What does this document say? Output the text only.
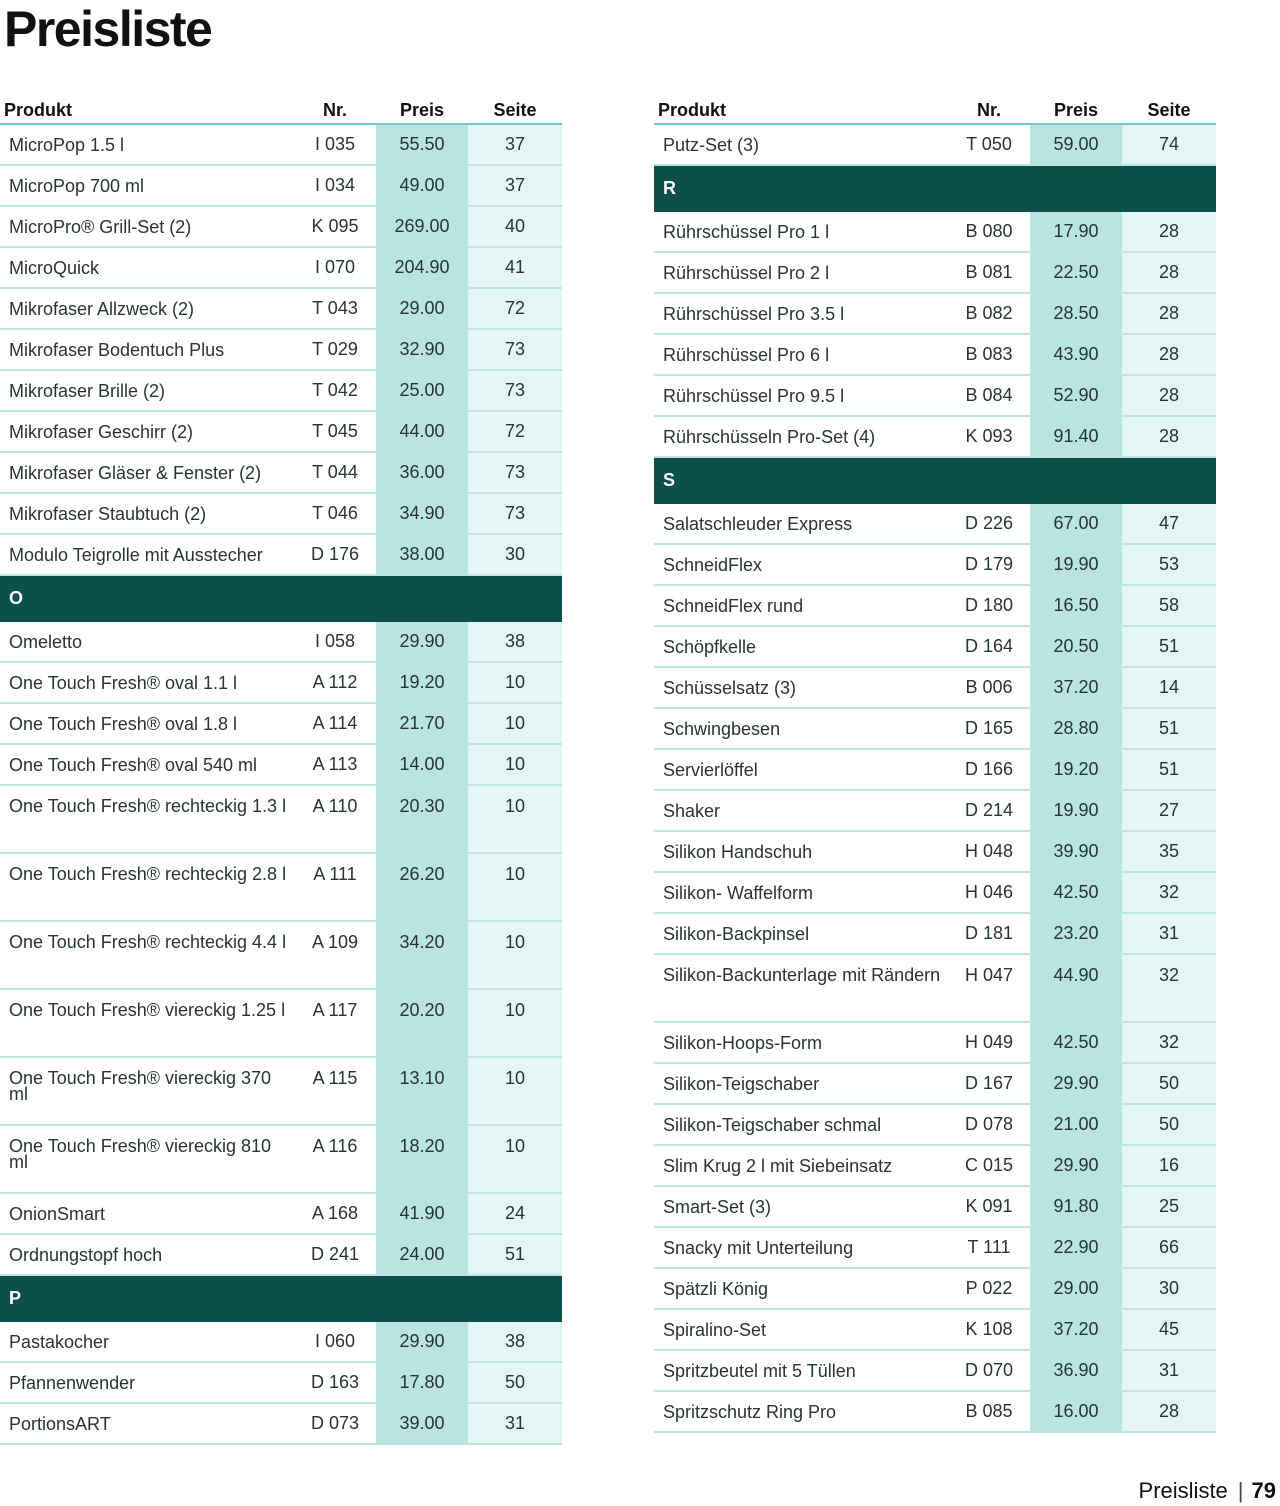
Preisliste
Produkt	Nr.	Preis	Seite
MicroPop 1.5 l	I 035	55.50	37
MicroPop 700 ml	I 034	49.00	37
MicroPro® Grill-Set (2)	K 095	269.00	40
MicroQuick	I 070	204.90	41
Mikrofaser Allzweck (2)	T 043	29.00	72
Mikrofaser Bodentuch Plus	T 029	32.90	73
Mikrofaser Brille (2)	T 042	25.00	73
Mikrofaser Geschirr (2)	T 045	44.00	72
Mikrofaser Gläser & Fenster (2)	T 044	36.00	73
Mikrofaser Staubtuch (2)	T 046	34.90	73
Modulo Teigrolle mit Ausstecher	D 176	38.00	30
O			
Omeletto	I 058	29.90	38
One Touch Fresh® oval 1.1 l	A 112	19.20	10
One Touch Fresh® oval 1.8 l	A 114	21.70	10
One Touch Fresh® oval 540 ml	A 113	14.00	10
One Touch Fresh® rechteckig 1.3 l	A 110	20.30	10
One Touch Fresh® rechteckig 2.8 l	A 111	26.20	10
One Touch Fresh® rechteckig 4.4 l	A 109	34.20	10
One Touch Fresh® viereckig 1.25 l	A 117	20.20	10
One Touch Fresh® viereckig 370 ml	A 115	13.10	10
One Touch Fresh® viereckig 810 ml	A 116	18.20	10
OnionSmart	A 168	41.90	24
Ordnungstopf hoch	D 241	24.00	51
P			
Pastakocher	I 060	29.90	38
Pfannenwender	D 163	17.80	50
PortionsART	D 073	39.00	31
Produkt	Nr.	Preis	Seite
Putz-Set (3)	T 050	59.00	74
R			
Rührschüssel Pro 1 l	B 080	17.90	28
Rührschüssel Pro 2 l	B 081	22.50	28
Rührschüssel Pro 3.5 l	B 082	28.50	28
Rührschüssel Pro 6 l	B 083	43.90	28
Rührschüssel Pro 9.5 l	B 084	52.90	28
Rührschüsseln Pro-Set (4)	K 093	91.40	28
S			
Salatschleuder Express	D 226	67.00	47
SchneidFlex	D 179	19.90	53
SchneidFlex rund	D 180	16.50	58
Schöpfkelle	D 164	20.50	51
Schüsselsatz (3)	B 006	37.20	14
Schwingbesen	D 165	28.80	51
Servierlöffel	D 166	19.20	51
Shaker	D 214	19.90	27
Silikon Handschuh	H 048	39.90	35
Silikon- Waffelform	H 046	42.50	32
Silikon-Backpinsel	D 181	23.20	31
Silikon-Backunterlage mit Rändern	H 047	44.90	32
Silikon-Hoops-Form	H 049	42.50	32
Silikon-Teigschaber	D 167	29.90	50
Silikon-Teigschaber schmal	D 078	21.00	50
Slim Krug 2 l mit Siebeinsatz	C 015	29.90	16
Smart-Set (3)	K 091	91.80	25
Snacky mit Unterteilung	T 111	22.90	66
Spätzli König	P 022	29.00	30
Spiralino-Set	K 108	37.20	45
Spritzbeutel mit 5 Tüllen	D 070	36.90	31
Spritzschutz Ring Pro	B 085	16.00	28
Preisliste | 79
